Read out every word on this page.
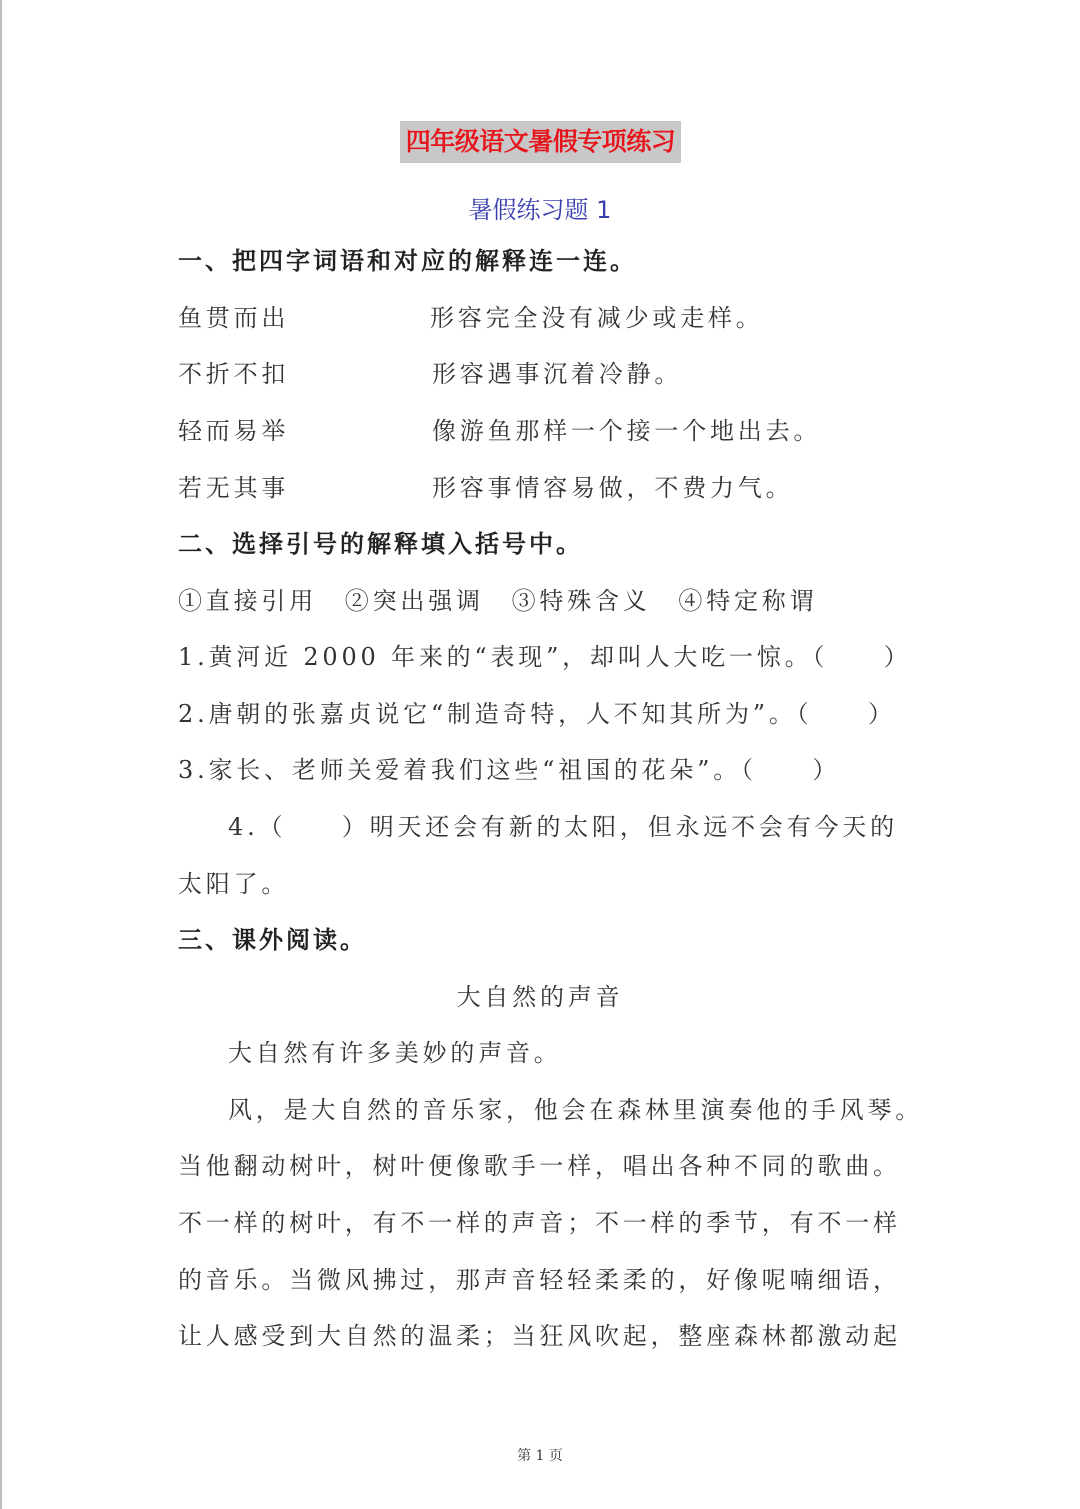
四年级语文暑假专项练习
暑假练习题 1
一、把四字词语和对应的解释连一连。
鱼贯而出	形容完全没有减少或走样。
不折不扣	形容遇事沉着冷静。
轻而易举	像游鱼那样一个接一个地出去。
若无其事	形容事情容易做，不费力气。
二、选择引号的解释填入括号中。
①直接引用　②突出强调　③特殊含义　④特定称谓
1.黄河近 2000 年来的“表现”，却叫人大吃一惊。（　　）
2.唐朝的张嘉贞说它“制造奇特，人不知其所为”。（　　）
3.家长、老师关爱着我们这些“祖国的花朵”。（　　）
4.（　　）明天还会有新的太阳，但永远不会有今天的
太阳了。
三、课外阅读。
大自然的声音
大自然有许多美妙的声音。
风，是大自然的音乐家，他会在森林里演奏他的手风琴。
当他翻动树叶，树叶便像歌手一样，唱出各种不同的歌曲。
不一样的树叶，有不一样的声音；不一样的季节，有不一样
的音乐。当微风拂过，那声音轻轻柔柔的，好像呢喃细语，
让人感受到大自然的温柔；当狂风吹起，整座森林都激动起
第 1 页
